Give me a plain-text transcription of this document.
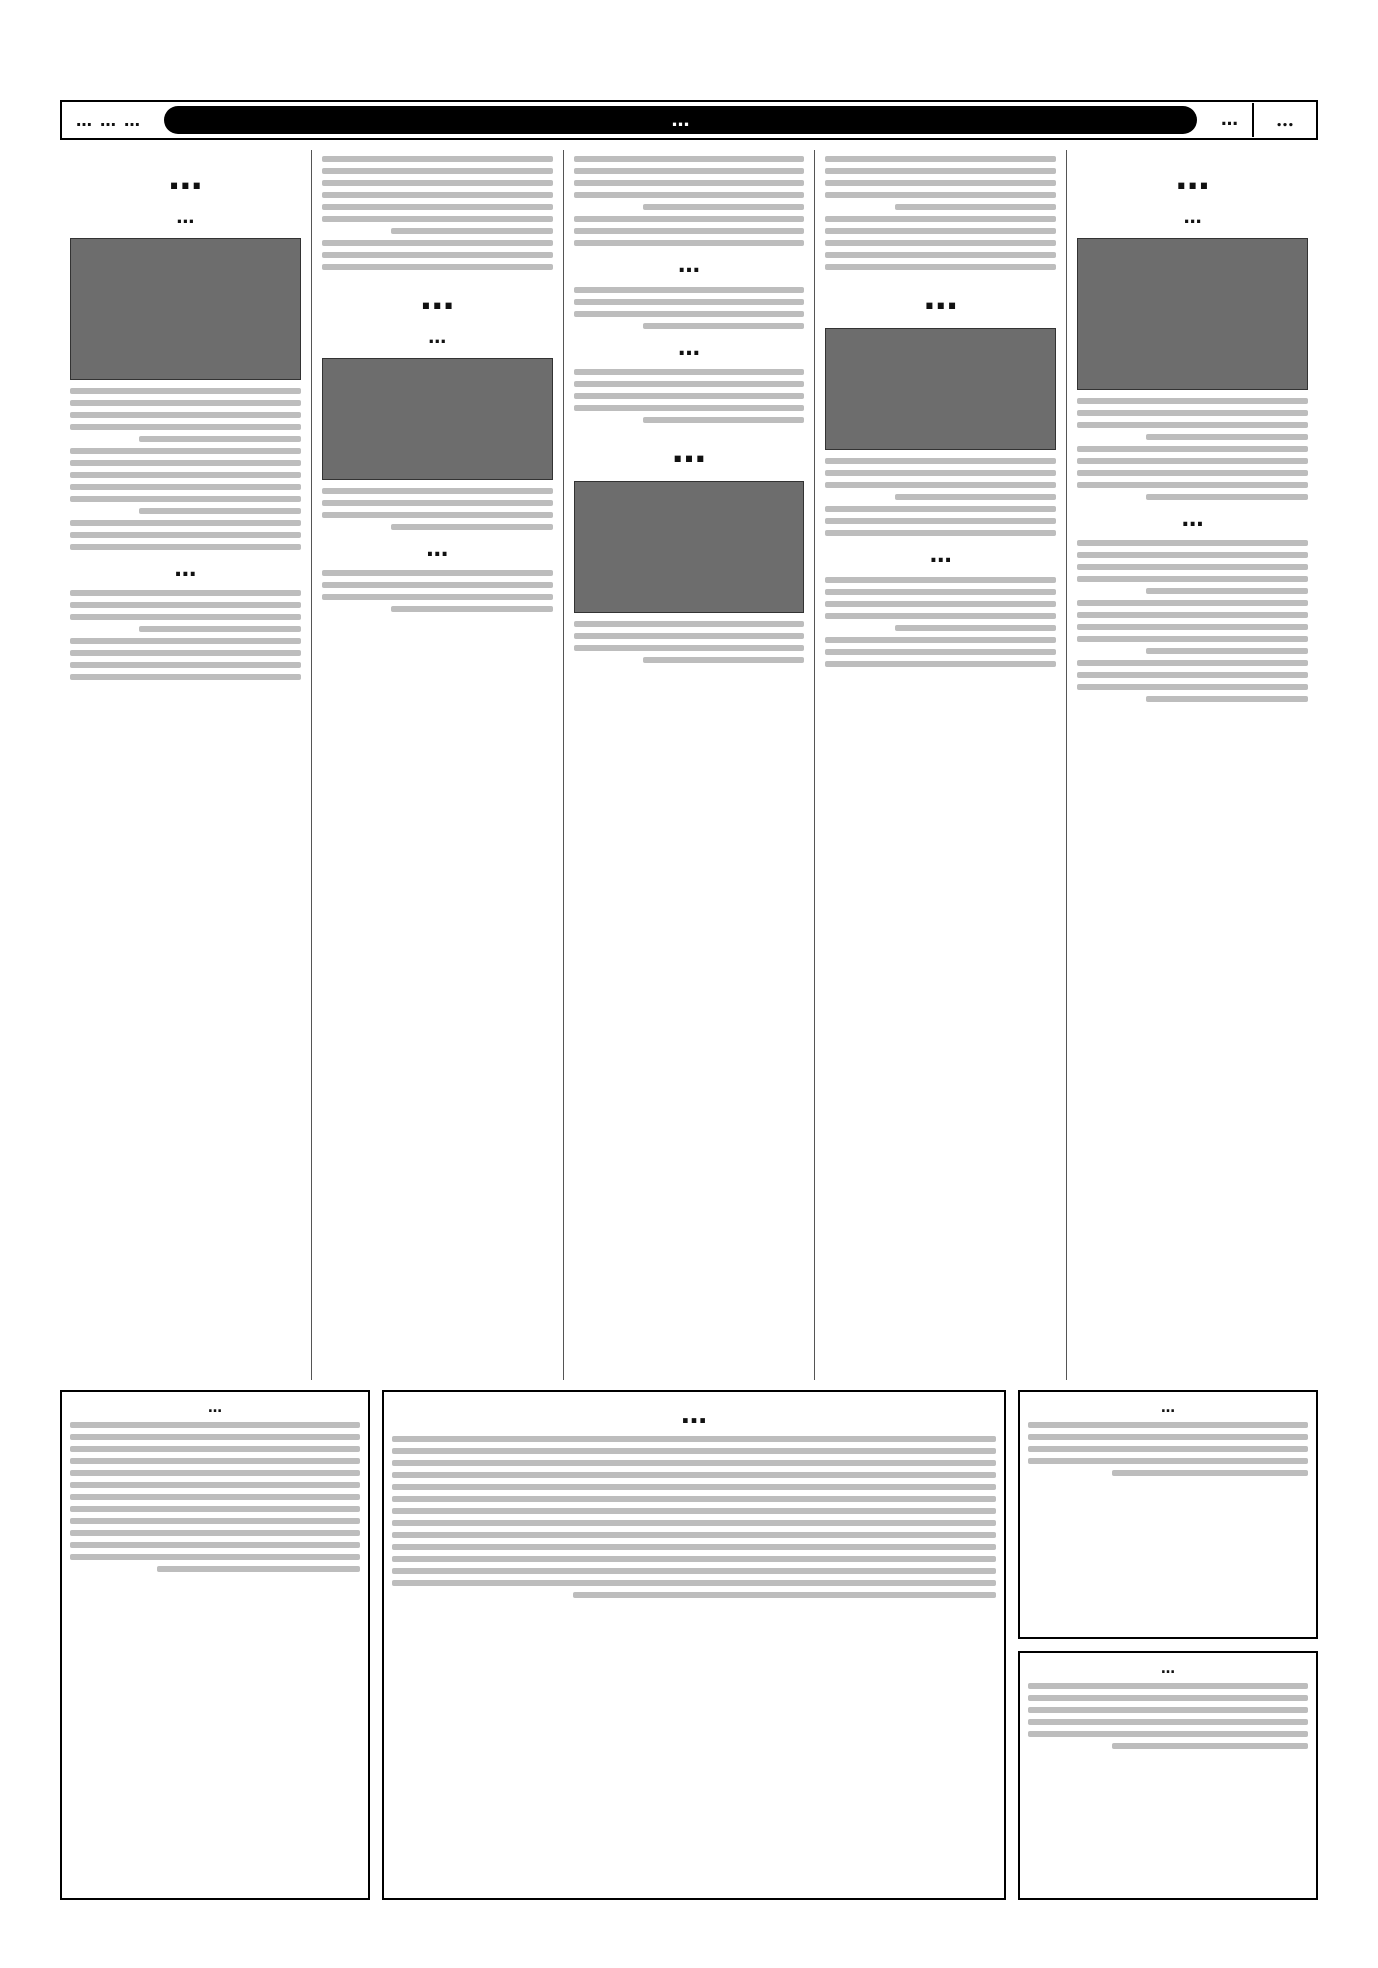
…
…
…
…
…
…
…
…
…
…
…
…
…
…
…
…
…
…
…
…
…
…
…
…
